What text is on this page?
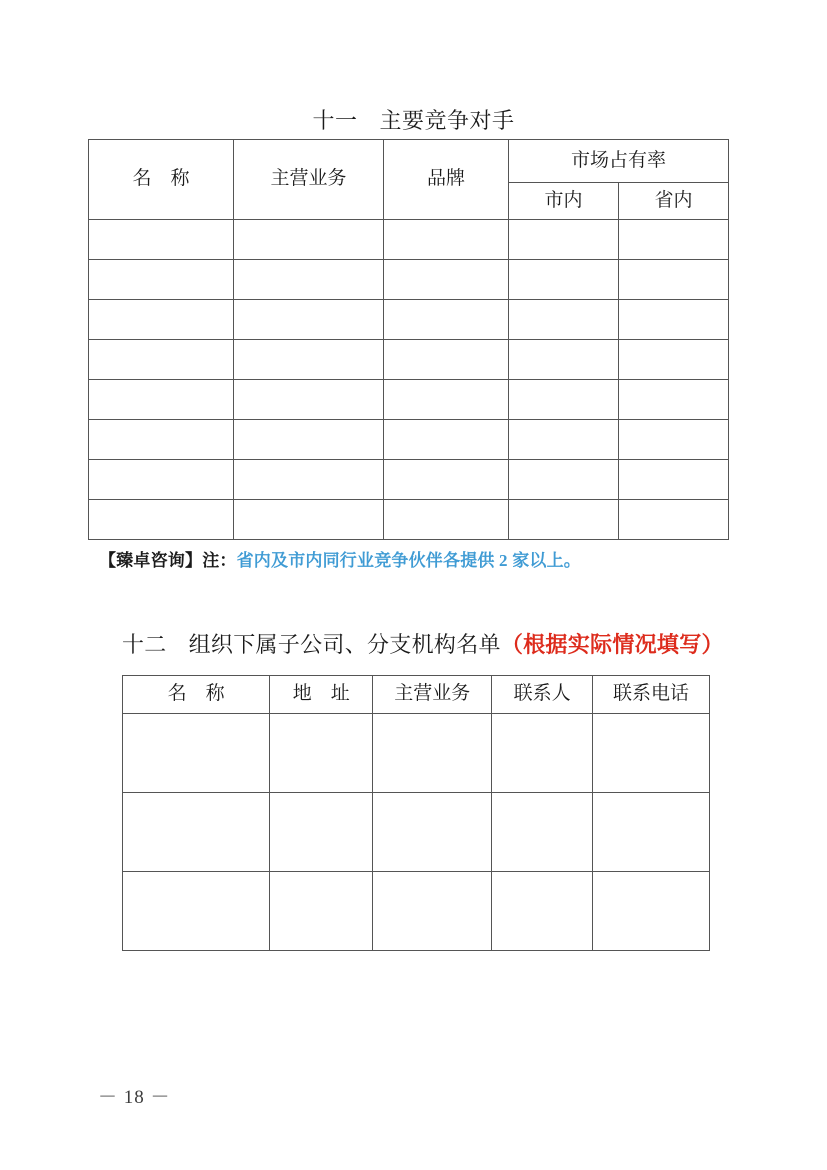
十一 主要竞争对手
名　称	主营业务	品牌	市场占有率	
			市内	省内

【臻卓咨询】注：省内及市内同行业竞争伙伴各提供 2 家以上。
十二 组织下属子公司、分支机构名单（根据实际情况填写）
名　称	地　址	主营业务	联系人	联系电话

－ 18 －
